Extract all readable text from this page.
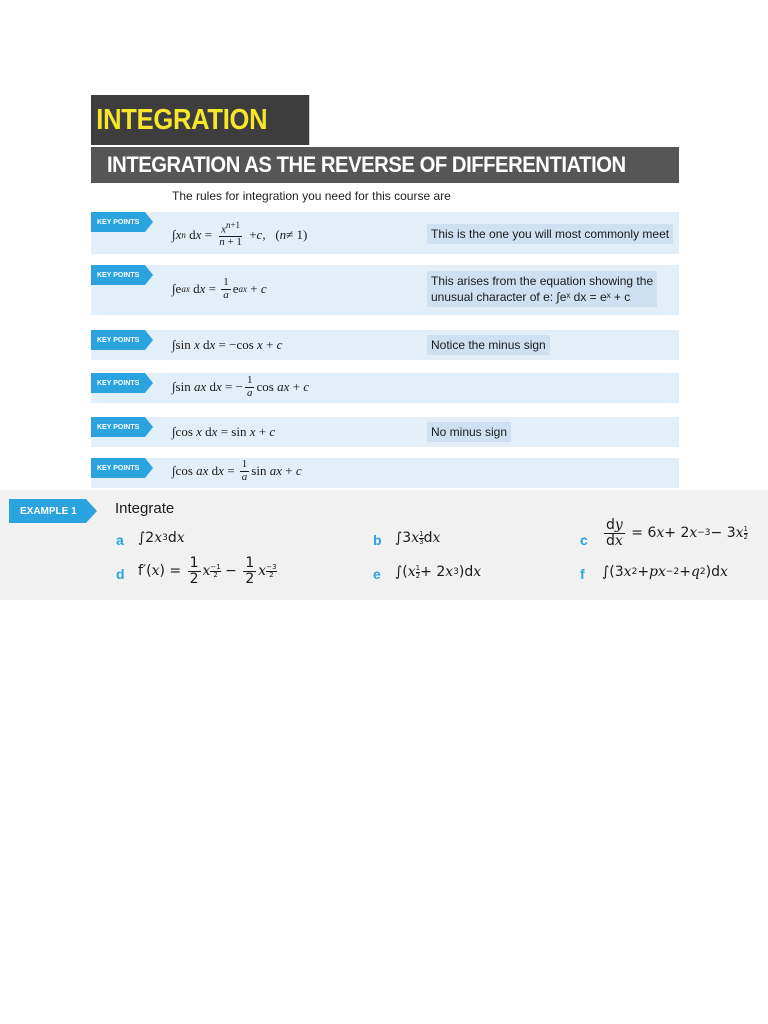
INTEGRATION
INTEGRATION AS THE REVERSE OF DIFFERENTIATION
The rules for integration you need for this course are
KEY POINTS
∫ x n d $x = \frac{x^{n+1}}{n + 1} + c$ ,   ( n ≠ 1)	This is the one you will most commonly meet
KEY POINTS
∫e ax d $x = \frac{1}{a}$ e ax + c
This arises from the equation showing the
unusual character of e: ∫eˣ dx = eˣ + c
KEY POINTS	∫sin x d x = −cos x + c	Notice the minus sign
KEY POINTS	∫sin ax d x = − $\frac{1}{a}$ cos ax + c
KEY POINTS	∫cos x d x = sin x + c	No minus sign
KEY POINTS	∫cos ax d $x = \frac{1}{a}$ sin ax + c
EXAMPLE 1	Integrate
a ∫2 x 3 d x	b ∫3 x $\frac{1}{3}$ d x	c $\frac{dy}{dx} = 6$ x + 2 x −3 − 3 x $\frac{1}{2}$
d f′( x ) = $\frac{1}{2}$ x $\frac{-1}{2} - \frac{1}{2}$ x $\frac{-3}{2}$	e ∫( x $\frac{1}{2} + 2$ x 3 )d x	f ∫(3 x 2 + px −2 + q 2 )d x
